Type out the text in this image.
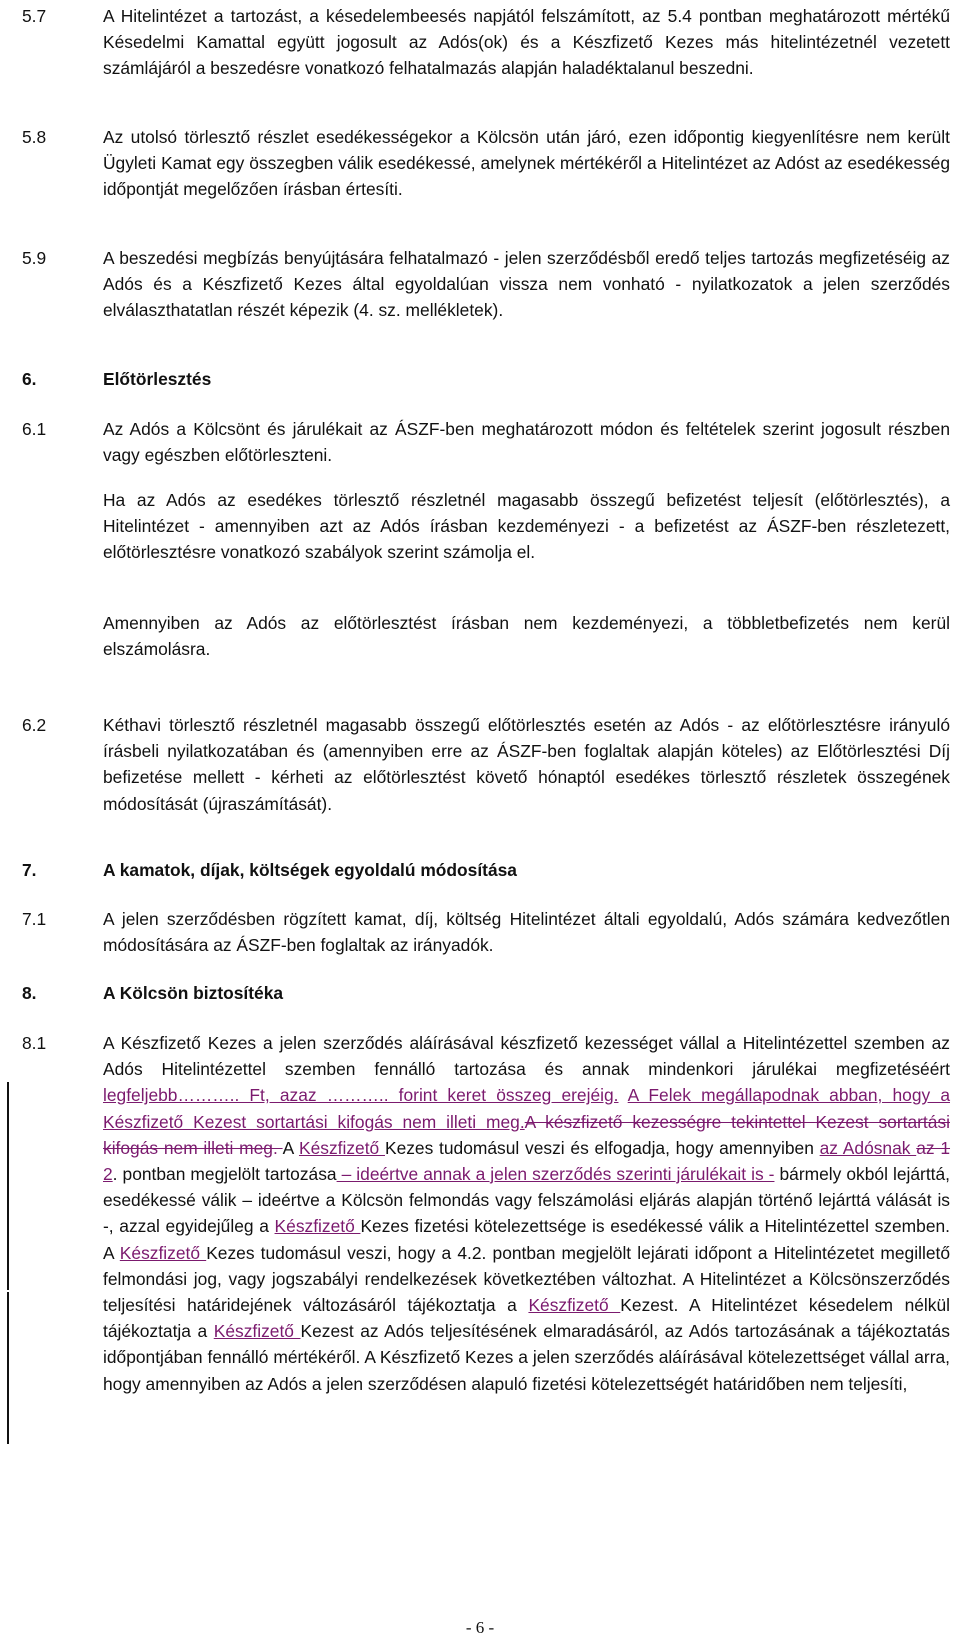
5.7	A Hitelintézet a tartozást, a késedelembeesés napjától felszámított, az 5.4 pontban meghatározott mértékű Késedelmi Kamattal együtt jogosult az Adós(ok) és a Készfizető Kezes más hitelintézetnél vezetett számlájáról a beszedésre vonatkozó felhatalmazás alapján haladéktalanul beszedni.
5.8	Az utolsó törlesztő részlet esedékességekor a Kölcsön után járó, ezen időpontig kiegyenlítésre nem került Ügyleti Kamat egy összegben válik esedékessé, amelynek mértékéről a Hitelintézet az Adóst az esedékesség időpontját megelőzően írásban értesíti.
5.9	A beszedési megbízás benyújtására felhatalmazó - jelen szerződésből eredő teljes tartozás megfizetéséig az Adós és a Készfizető Kezes által egyoldalúan vissza nem vonható - nyilatkozatok a jelen szerződés elválaszthatatlan részét képezik (4. sz. mellékletek).
6.	Előtörlesztés
6.1	Az Adós a Kölcsönt és járulékait az ÁSZF-ben meghatározott módon és feltételek szerint jogosult részben vagy egészben előtörleszteni.
Ha az Adós az esedékes törlesztő részletnél magasabb összegű befizetést teljesít (előtörlesztés), a Hitelintézet - amennyiben azt az Adós írásban kezdeményezi - a befizetést az ÁSZF-ben részletezett, előtörlesztésre vonatkozó szabályok szerint számolja el.
Amennyiben az Adós az előtörlesztést írásban nem kezdeményezi, a többletbefizetés nem kerül elszámolásra.
6.2	Kéthavi törlesztő részletnél magasabb összegű előtörlesztés esetén az Adós - az előtörlesztésre irányuló írásbeli nyilatkozatában és (amennyiben erre az ÁSZF-ben foglaltak alapján köteles) az Előtörlesztési Díj befizetése mellett - kérheti az előtörlesztést követő hónaptól esedékes törlesztő részletek összegének módosítását (újraszámítását).
7.	A kamatok, díjak, költségek egyoldalú módosítása
7.1	A jelen szerződésben rögzített kamat, díj, költség Hitelintézet általi egyoldalú, Adós számára kedvezőtlen módosítására az ÁSZF-ben foglaltak az irányadók.
8.	A Kölcsön biztosítéka
8.1	A Készfizető Kezes a jelen szerződés aláírásával készfizető kezességet vállal a Hitelintézettel szemben az Adós Hitelintézettel szemben fennálló tartozása és annak mindenkori járulékai megfizetéséért legfeljebb……….. Ft, azaz ……….. forint keret összeg erejéig. A Felek megállapodnak abban, hogy a Készfizető Kezest sortartási kifogás nem illeti meg.A készfizető kezességre tekintettel Kezest sortartási kifogás nem illeti meg. A Készfizető Kezes tudomásul veszi és elfogadja, hogy amennyiben az Adósnak az 1 2. pontban megjelölt tartozása – ideértve annak a jelen szerződés szerinti járulékait is - bármely okból lejárttá, esedékessé válik – ideértve a Kölcsön felmondás vagy felszámolási eljárás alapján történő lejárttá válását is -, azzal egyidejűleg a Készfizető Kezes fizetési kötelezettsége is esedékessé válik a Hitelintézettel szemben. A Készfizető Kezes tudomásul veszi, hogy a 4.2. pontban megjelölt lejárati időpont a Hitelintézetet megillető felmondási jog, vagy jogszabályi rendelkezések következtében változhat. A Hitelintézet a Kölcsönszerződés teljesítési határidejének változásáról tájékoztatja a Készfizető Kezest. A Hitelintézet késedelem nélkül tájékoztatja a Készfizető Kezest az Adós teljesítésének elmaradásáról, az Adós tartozásának a tájékoztatás időpontjában fennálló mértékéről. A Készfizető Kezes a jelen szerződés aláírásával kötelezettséget vállal arra, hogy amennyiben az Adós a jelen szerződésen alapuló fizetési kötelezettségét határidőben nem teljesíti,
- 6 -
